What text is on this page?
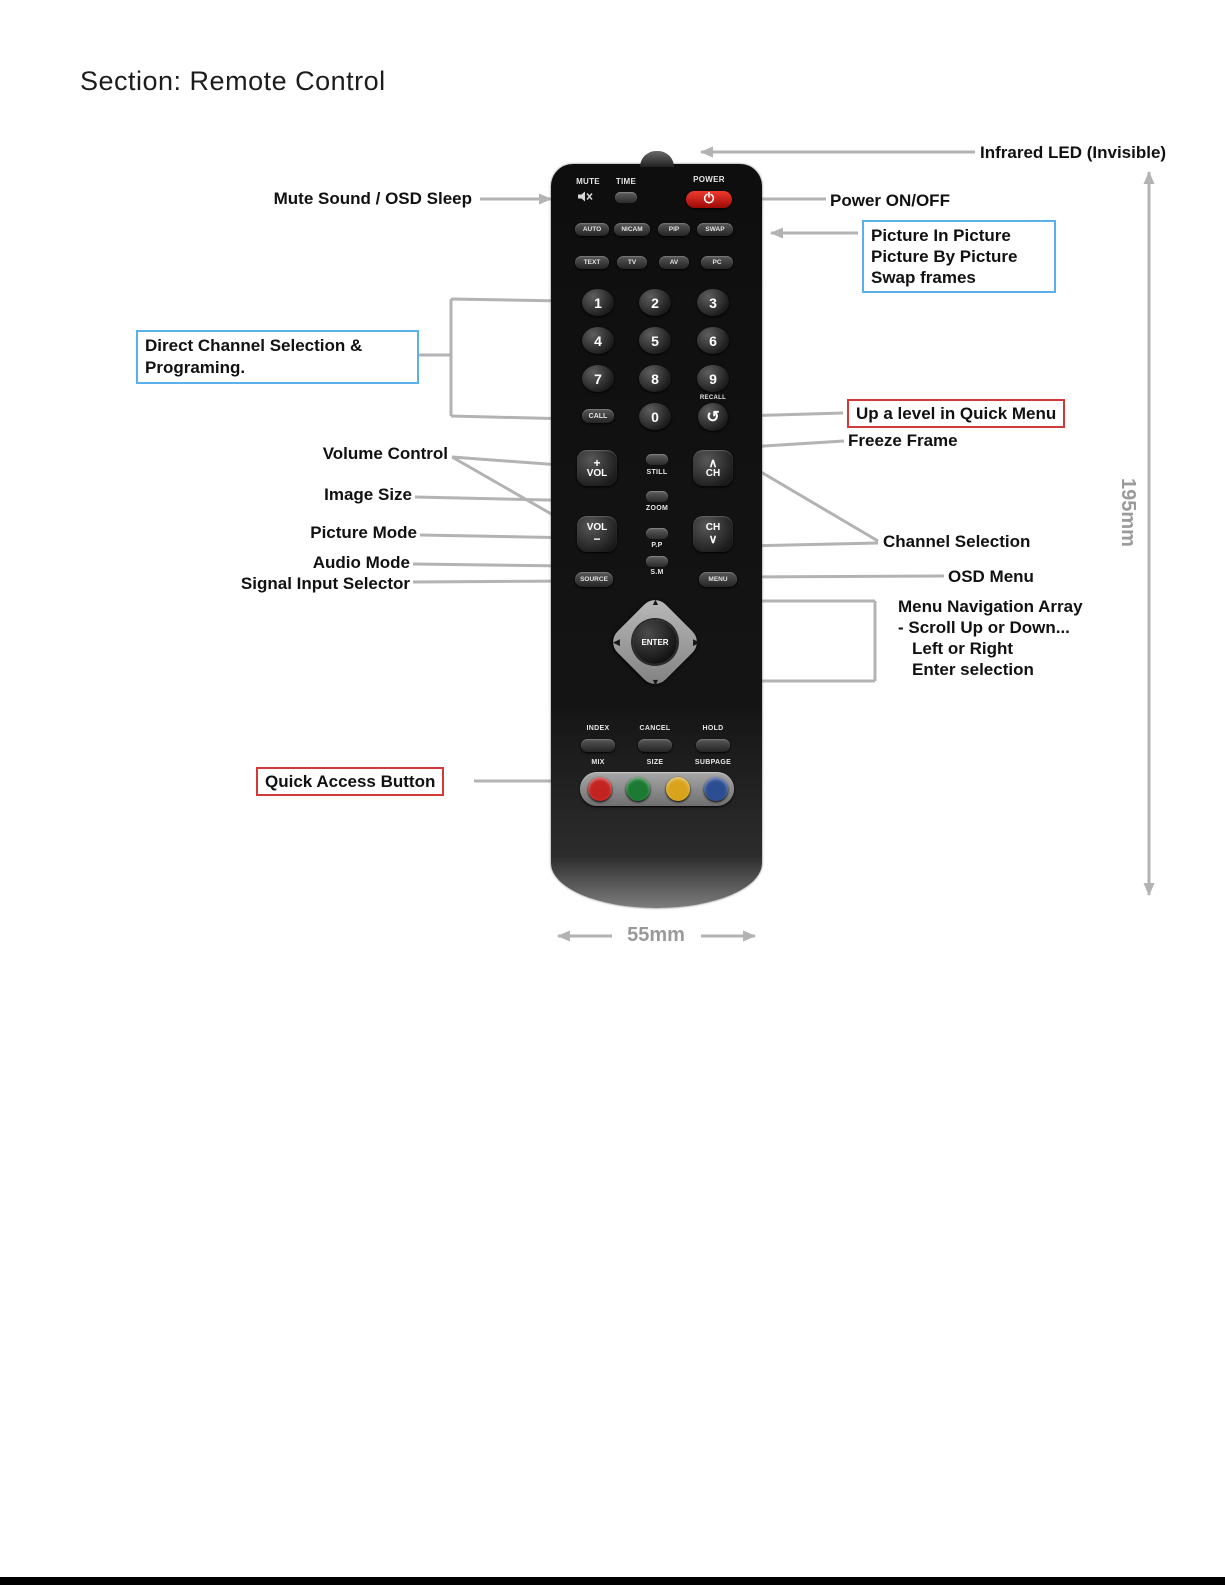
Section: Remote Control
MUTE	TIME	POWER
AUTO	NICAM	PIP	SWAP
TEXT	TV	AV	PC
1	2	3
4	5	6
7	8	9
CALL	0
RECALL
↺
+
VOL
∧
CH
VOL
−
CH
∨
STILL
ZOOM
P.P
S.M
SOURCE	MENU
▲
▼
◀	▶
ENTER
INDEX	CANCEL	HOLD
MIX	SIZE	SUBPAGE
Infrared LED (Invisible)
Mute Sound / OSD Sleep	Power ON/OFF
Picture In Picture
Picture By Picture
Swap frames
Direct Channel Selection &
Programing.
Up a level in Quick Menu
Freeze Frame
Volume Control
Image Size
Picture Mode
Audio Mode
Signal Input Selector
Channel Selection
OSD Menu
Menu Navigation Array
- Scroll Up or Down...
Left or Right
Enter selection
Quick Access Button
55mm
195mm
